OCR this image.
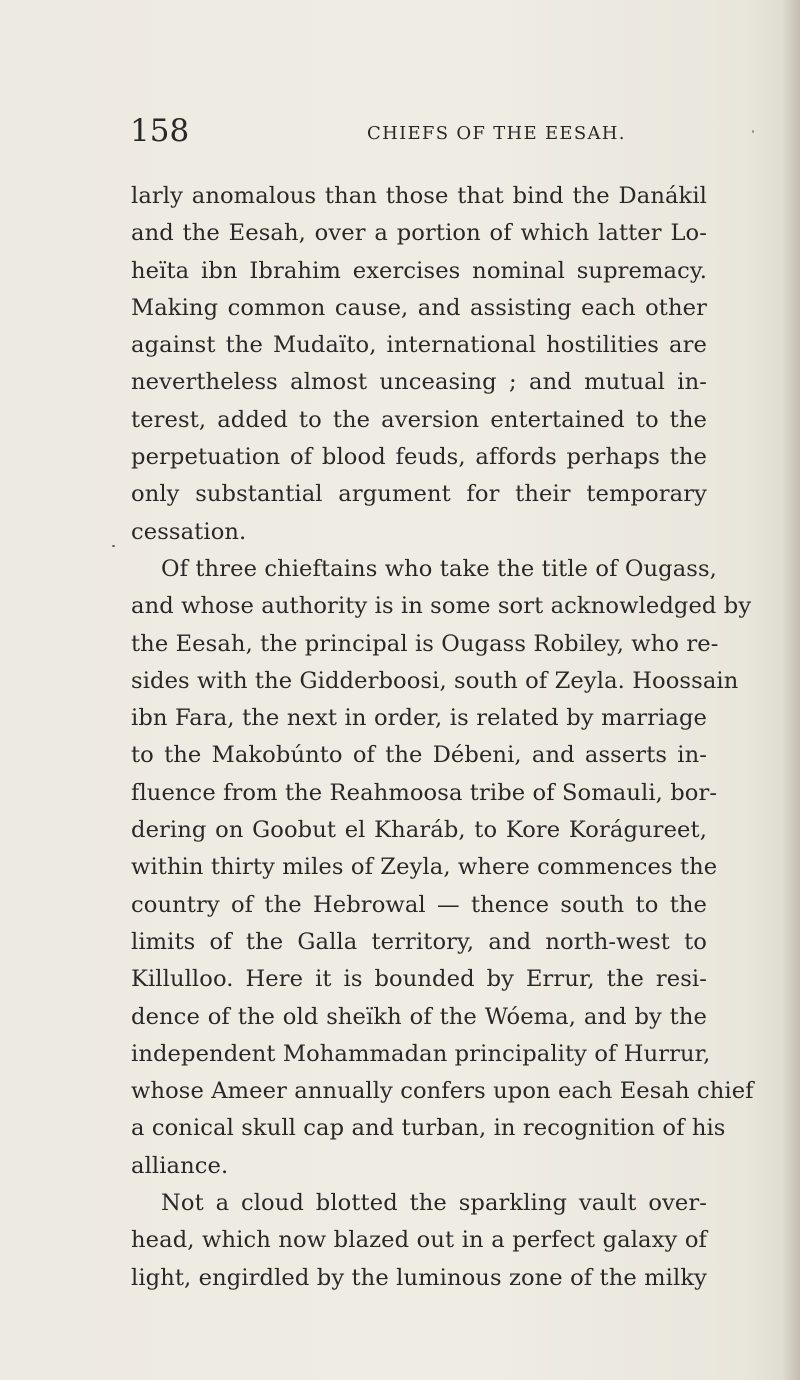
158	CHIEFS OF THE EESAH.
larly anomalous than those that bind the Danákil
and the Eesah, over a portion of which latter Lo-
heïta ibn Ibrahim exercises nominal supremacy.
Making common cause, and assisting each other
against the Mudaïto, international hostilities are
nevertheless almost unceasing ; and mutual in-
terest, added to the aversion entertained to the
perpetuation of blood feuds, affords perhaps the
only substantial argument for their temporary
cessation.
Of three chieftains who take the title of Ougass,
and whose authority is in some sort acknowledged by
the Eesah, the principal is Ougass Robiley, who re-
sides with the Gidderboosi, south of Zeyla. Hoossain
ibn Fara, the next in order, is related by marriage
to the Makobúnto of the Débeni, and asserts in-
fluence from the Reahmoosa tribe of Somauli, bor-
dering on Goobut el Kharáb, to Kore Korágureet,
within thirty miles of Zeyla, where commences the
country of the Hebrowal — thence south to the
limits of the Galla territory, and north-west to
Killulloo. Here it is bounded by Errur, the resi-
dence of the old sheïkh of the Wóema, and by the
independent Mohammadan principality of Hurrur,
whose Ameer annually confers upon each Eesah chief
a conical skull cap and turban, in recognition of his
alliance.
Not a cloud blotted the sparkling vault over-
head, which now blazed out in a perfect galaxy of
light, engirdled by the luminous zone of the milky
